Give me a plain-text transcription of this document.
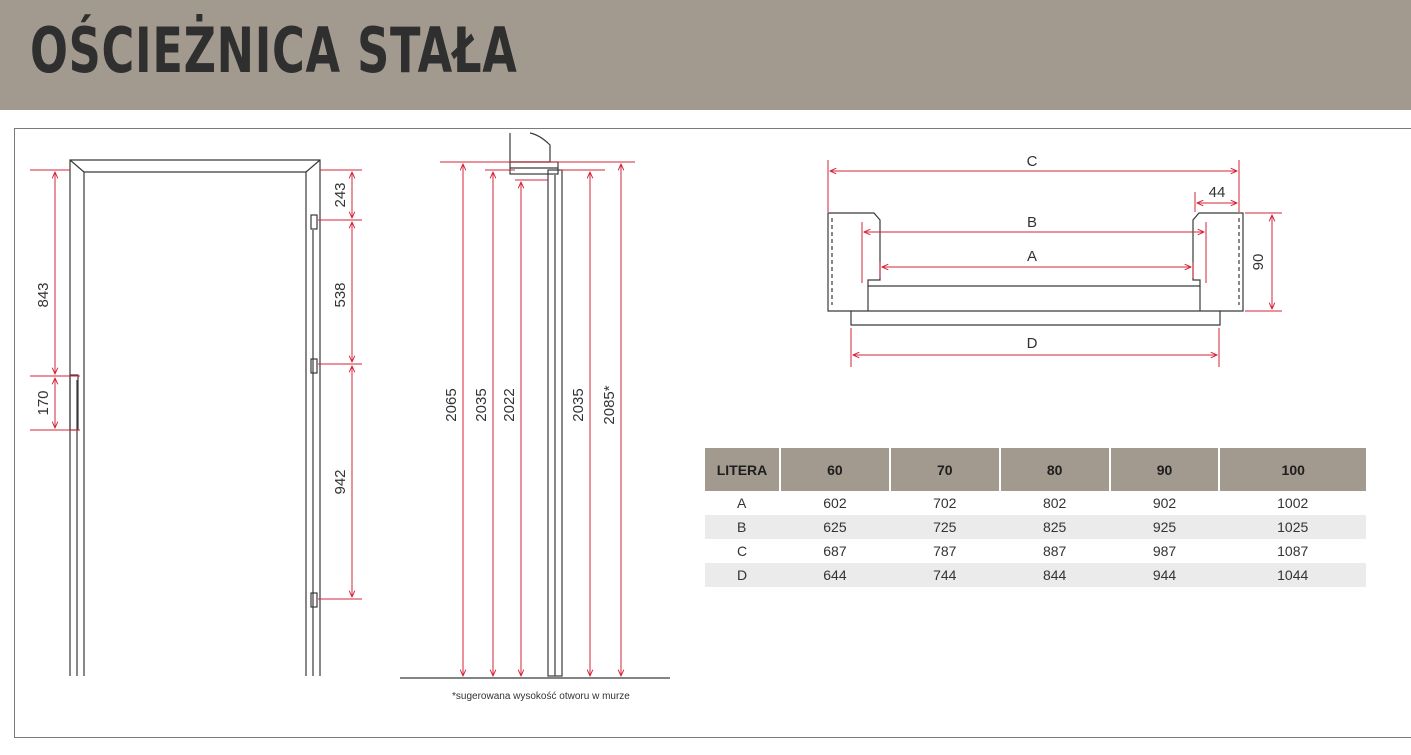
OŚCIEŻNICA STAŁA
843
170
243
538
942
2065 2035 2022	2035 2085*
*sugerowana wysokość otworu w murze
C
44
B
A	90
D
LITERA	60	70	80	90	100
A	602	702	802	902	1002
B	625	725	825	925	1025
C	687	787	887	987	1087
D	644	744	844	944	1044
